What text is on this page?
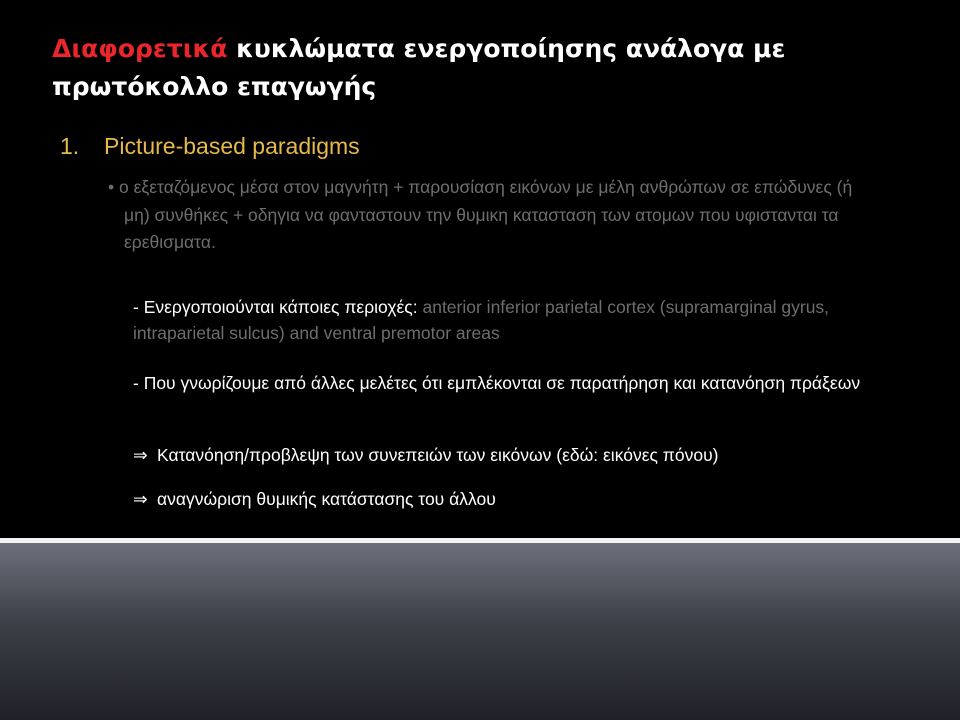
Διαφορετικά κυκλώματα ενεργοποίησης ανάλογα με πρωτόκολλο επαγωγής
1. Picture-based paradigms
• ο εξεταζόμενος μέσα στον μαγνήτη + παρουσίαση εικόνων με μέλη ανθρώπων σε επώδυνες (ή μη) συνθήκες + οδηγια να φανταστουν την θυμικη κατασταση των ατομων που υφιστανται τα ερεθισματα.
- Ενεργοποιούνται κάποιες περιοχές: anterior inferior parietal cortex (supramarginal gyrus, intraparietal sulcus) and ventral premotor areas
- Που γνωρίζουμε από άλλες μελέτες ότι εμπλέκονται σε παρατήρηση και κατανόηση πράξεων
⇒ Κατανόηση/προβλεψη των συνεπειών των εικόνων (εδώ: εικόνες πόνου)
⇒ αναγνώριση θυμικής κατάστασης του άλλου
